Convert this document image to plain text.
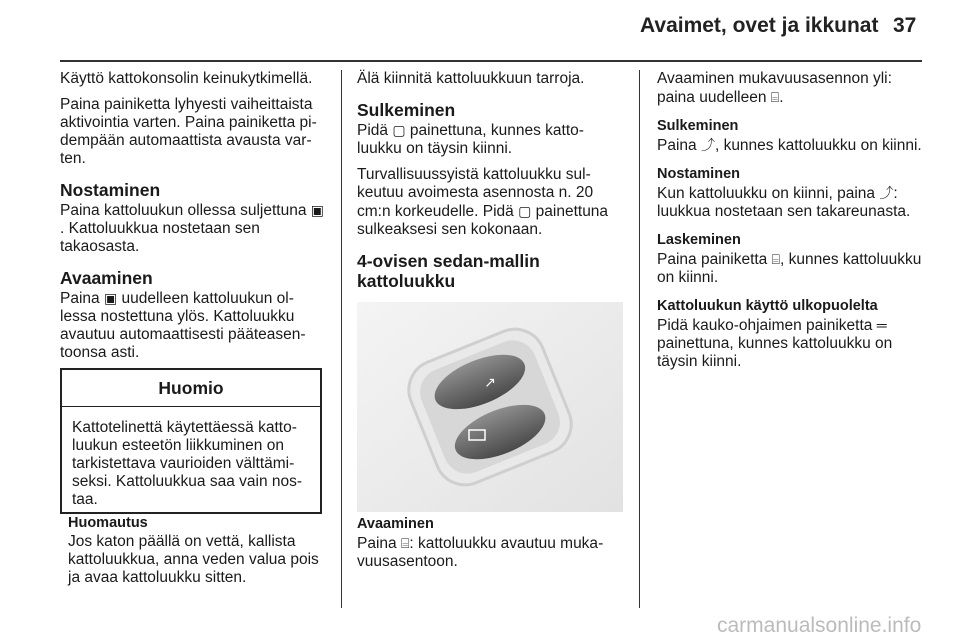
Avaimet, ovet ja ikkunat 37

Käyttö kattokonsolin keinukytkimellä.

Paina painiketta lyhyesti vaiheittaista aktivointia varten. Paina painiketta pidempään automaattista avausta varten.

Nostaminen

Paina kattoluukun ollessa suljettuna ▣. Kattoluukkua nostetaan sen takaosasta.

Avaaminen

Paina ▣ uudelleen kattoluukun ollessa nostettuna ylös. Kattoluukku avautuu automaattisesti pääteasentoonsa asti.

Huomio
Kattotelinettä käytettäessä kattoluukun esteetön liikkuminen on tarkistettava vaurioiden välttämiseksi. Kattoluukkua saa vain nostaa.
Huomautus

Jos katon päällä on vettä, kallista kattoluukkua, anna veden valua pois ja avaa kattoluukku sitten.

Älä kiinnitä kattoluukkuun tarroja.

Sulkeminen

Pidä ▢ painettuna, kunnes kattoluukku on täysin kiinni.

Turvallisuussyistä kattoluukku sulkeutuu avoimesta asennosta n. 20 cm:n korkeudelle. Pidä ▢ painettuna sulkeaksesi sen kokonaan.

4-ovisen sedan-mallin kattoluukku
↗
Avaaminen

Paina ⌸: kattoluukku avautuu mukavuusasentoon.

Avaaminen mukavuusasennon yli: paina uudelleen ⌸.

Sulkeminen

Paina ⤴, kunnes kattoluukku on kiinni.

Nostaminen

Kun kattoluukku on kiinni, paina ⤴: luukkua nostetaan sen takareunasta.

Laskeminen

Paina painiketta ⌸, kunnes kattoluukku on kiinni.

Kattoluukun käyttö ulkopuolelta

Pidä kauko-ohjaimen painiketta ═ painettuna, kunnes kattoluukku on täysin kiinni.

carmanualsonline.info
